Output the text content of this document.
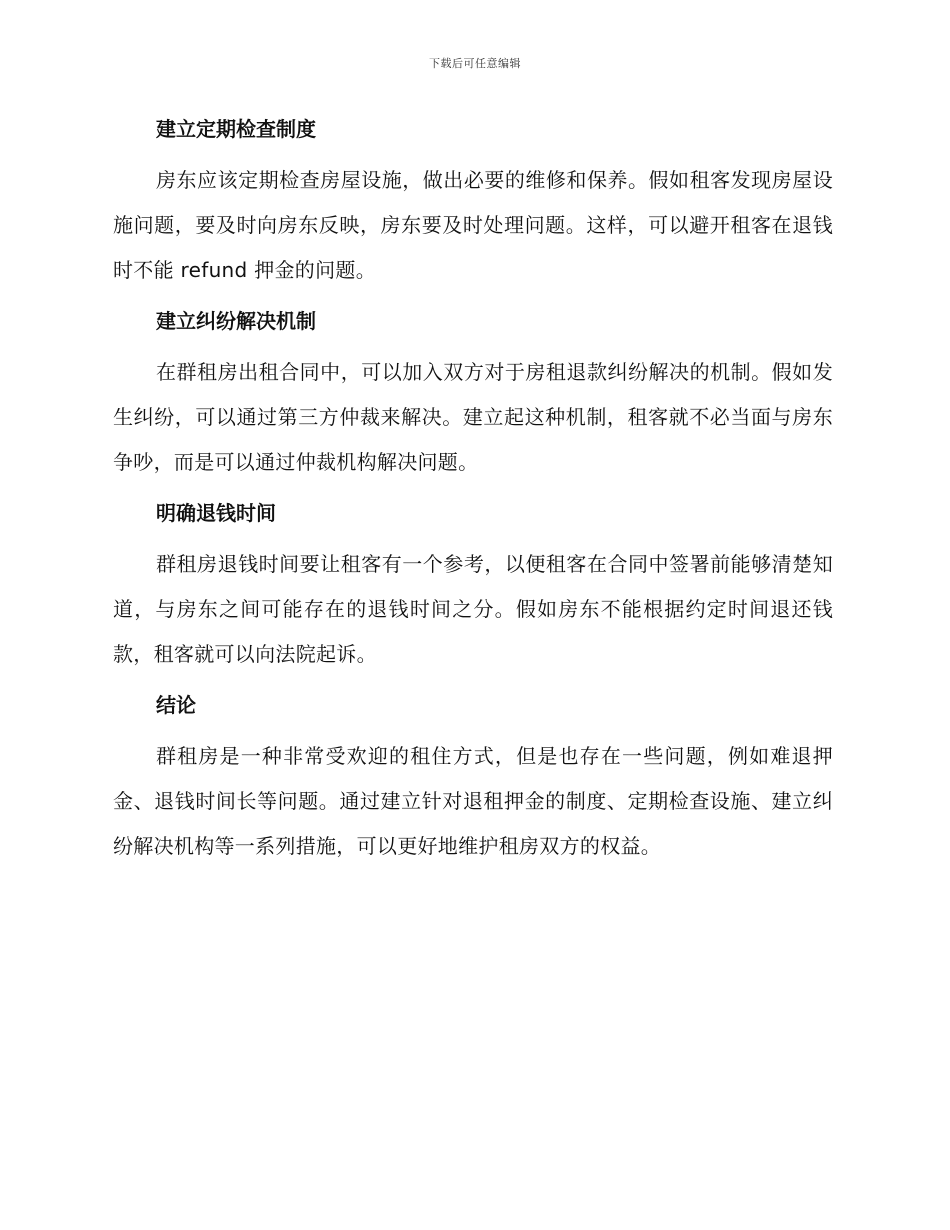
下载后可任意编辑
建立定期检查制度
房东应该定期检查房屋设施，做出必要的维修和保养。假如租客发现房屋设施问题，要及时向房东反映，房东要及时处理问题。这样，可以避开租客在退钱时不能 refund 押金的问题。
建立纠纷解决机制
在群租房出租合同中，可以加入双方对于房租退款纠纷解决的机制。假如发生纠纷，可以通过第三方仲裁来解决。建立起这种机制，租客就不必当面与房东争吵，而是可以通过仲裁机构解决问题。
明确退钱时间
群租房退钱时间要让租客有一个参考，以便租客在合同中签署前能够清楚知道，与房东之间可能存在的退钱时间之分。假如房东不能根据约定时间退还钱款，租客就可以向法院起诉。
结论
群租房是一种非常受欢迎的租住方式，但是也存在一些问题，例如难退押金、退钱时间长等问题。通过建立针对退租押金的制度、定期检查设施、建立纠纷解决机构等一系列措施，可以更好地维护租房双方的权益。
